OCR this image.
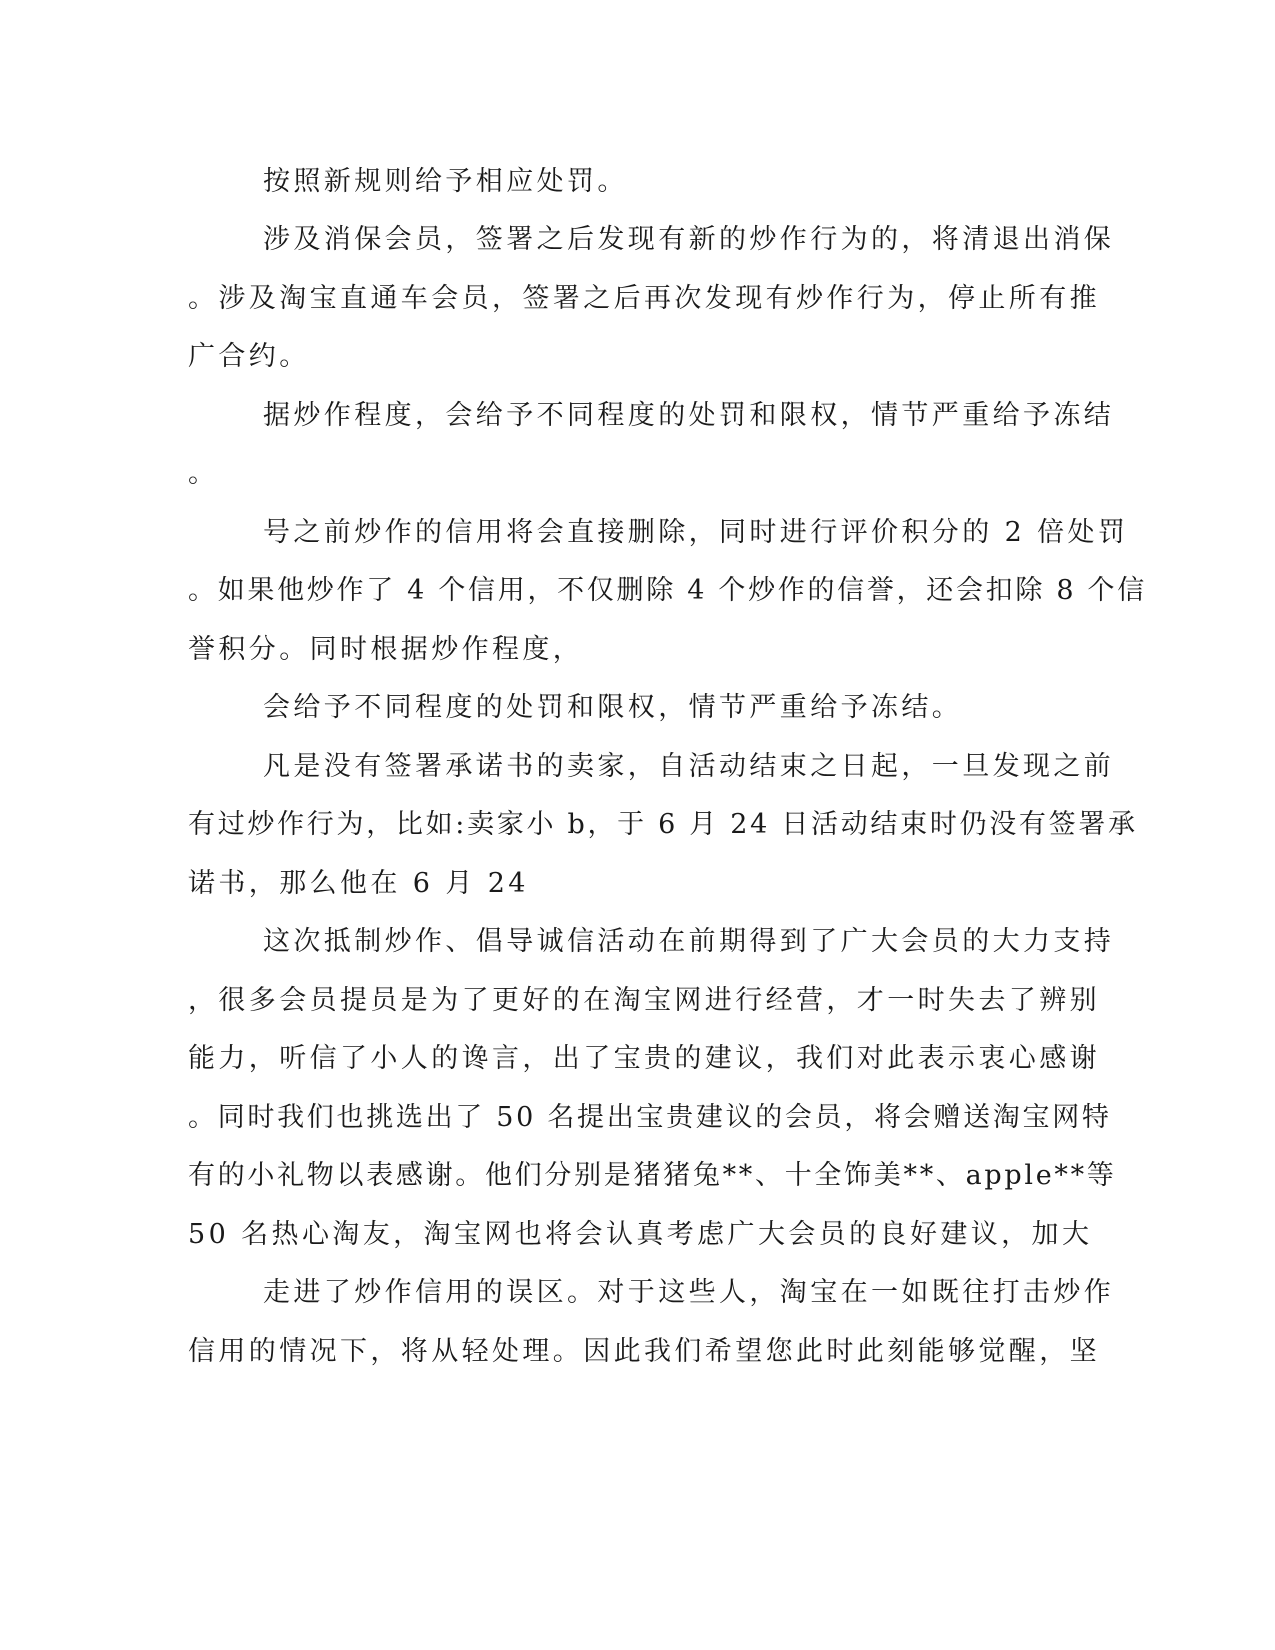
按照新规则给予相应处罚。

涉及消保会员，签署之后发现有新的炒作行为的，将清退出消保

。涉及淘宝直通车会员，签署之后再次发现有炒作行为，停止所有推

广合约。

据炒作程度，会给予不同程度的处罚和限权，情节严重给予冻结

。

号之前炒作的信用将会直接删除，同时进行评价积分的 2 倍处罚

。如果他炒作了 4 个信用，不仅删除 4 个炒作的信誉，还会扣除 8 个信

誉积分。同时根据炒作程度，

会给予不同程度的处罚和限权，情节严重给予冻结。

凡是没有签署承诺书的卖家，自活动结束之日起，一旦发现之前

有过炒作行为，比如:卖家小 b，于 6 月 24 日活动结束时仍没有签署承

诺书，那么他在 6 月 24

这次抵制炒作、倡导诚信活动在前期得到了广大会员的大力支持

，很多会员提员是为了更好的在淘宝网进行经营，才一时失去了辨别

能力，听信了小人的谗言，出了宝贵的建议，我们对此表示衷心感谢

。同时我们也挑选出了 50 名提出宝贵建议的会员，将会赠送淘宝网特

有的小礼物以表感谢。他们分别是猪猪兔**、十全饰美**、apple**等

50 名热心淘友，淘宝网也将会认真考虑广大会员的良好建议，加大

走进了炒作信用的误区。对于这些人，淘宝在一如既往打击炒作

信用的情况下，将从轻处理。因此我们希望您此时此刻能够觉醒，坚
